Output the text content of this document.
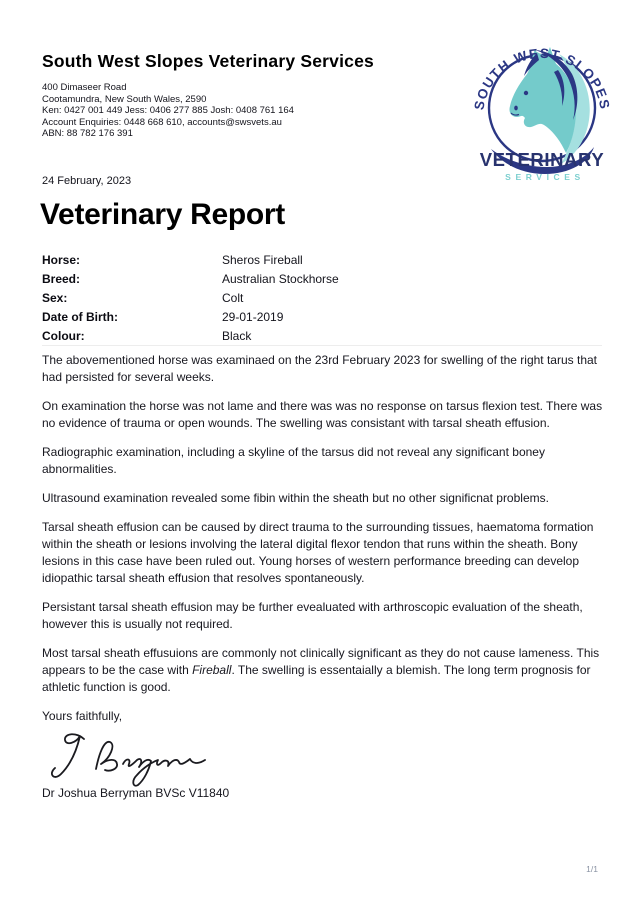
South West Slopes Veterinary Services
400 Dimaseer Road
Cootamundra, New South Wales, 2590
Ken: 0427 001 449 Jess: 0406 277 885 Josh: 0408 761 164
Account Enquiries: 0448 668 610, accounts@swsvets.au
ABN: 88 782 176 391
SOUTH WEST SLOPES
VETERINARY
SERVICES
24 February, 2023
Veterinary Report
Horse:	Sheros Fireball
Breed:	Australian Stockhorse
Sex:	Colt
Date of Birth:	29-01-2019
Colour:	Black

The abovementioned horse was examinaed on the 23rd February 2023 for swelling of the right tarus that had persisted for several weeks.

On examination the horse was not lame and there was was no response on tarsus flexion test. There was no evidence of trauma or open wounds. The swelling was consistant with tarsal sheath effusion.

Radiographic examination, including a skyline of the tarsus did not reveal any significant boney abnormalities.

Ultrasound examination revealed some fibin within the sheath but no other significnat problems.

Tarsal sheath effusion can be caused by direct trauma to the surrounding tissues, haematoma formation within the sheath or lesions involving the lateral digital flexor tendon that runs within the sheath. Bony lesions in this case have been ruled out. Young horses of western performance breeding can develop idiopathic tarsal sheath effusion that resolves spontaneously.

Persistant tarsal sheath effusion may be further evealuated with arthroscopic evaluation of the sheath, however this is usually not required.

Most tarsal sheath effusuions are commonly not clinically significant as they do not cause lameness. This appears to be the case with Fireball. The swelling is essentaially a blemish. The long term prognosis for athletic function is good.

Yours faithfully,

Dr Joshua Berryman BVSc V11840
1/1
